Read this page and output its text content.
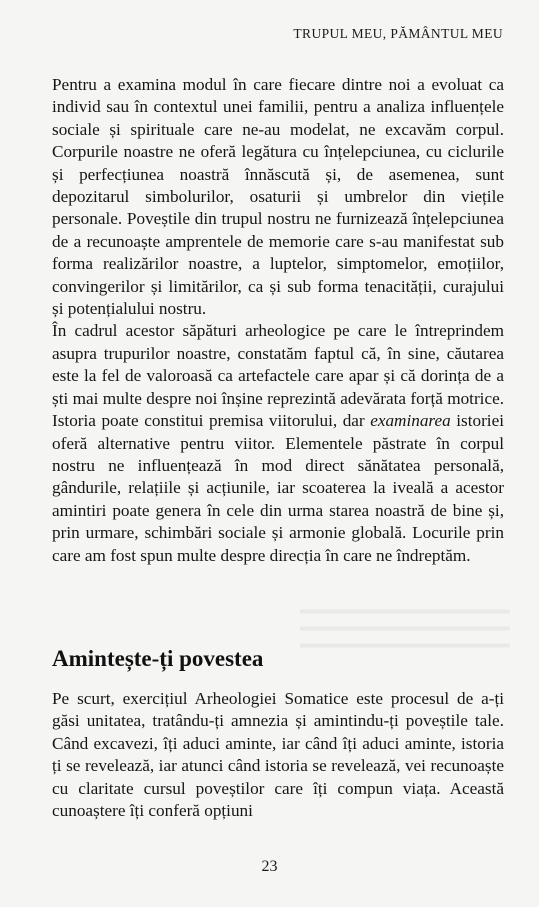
TRUPUL MEU, PĂMÂNTUL MEU

Pentru a examina modul în care fiecare dintre noi a evoluat ca individ sau în contextul unei familii, pentru a analiza influențele sociale și spirituale care ne-au modelat, ne excavăm corpul. Corpurile noastre ne oferă legătura cu înțelepciunea, cu ciclurile și perfecțiunea noastră înnăscută și, de asemenea, sunt depozitarul simbolurilor, osaturii și umbrelor din viețile personale. Poveștile din trupul nostru ne furnizează înțelepciunea de a recunoaște amprentele de memorie care s-au manifestat sub forma realizărilor noastre, a luptelor, simptomelor, emoțiilor, convingerilor și limitărilor, ca și sub forma tenacității, curajului și potențialului nostru.

În cadrul acestor săpături arheologice pe care le întreprindem asupra trupurilor noastre, constatăm faptul că, în sine, căutarea este la fel de valoroasă ca artefactele care apar și că dorința de a ști mai multe despre noi înșine reprezintă adevărata forță motrice. Istoria poate constitui premisa viitorului, dar examinarea istoriei oferă alternative pentru viitor. Elementele păstrate în corpul nostru ne influențează în mod direct sănătatea personală, gândurile, relațiile și acțiunile, iar scoaterea la iveală a acestor amintiri poate genera în cele din urma starea noastră de bine și, prin urmare, schimbări sociale și armonie globală. Locurile prin care am fost spun multe despre direcția în care ne îndreptăm.

Amintește-ți povestea

Pe scurt, exercițiul Arheologiei Somatice este procesul de a-ți găsi unitatea, tratându-ți amnezia și amintindu-ți poveștile tale. Când excavezi, îți aduci aminte, iar când îți aduci aminte, istoria ți se revelează, iar atunci când istoria se revelează, vei recunoaște cu claritate cursul poveștilor care îți compun viața. Această cunoaștere îți conferă opțiuni

23
